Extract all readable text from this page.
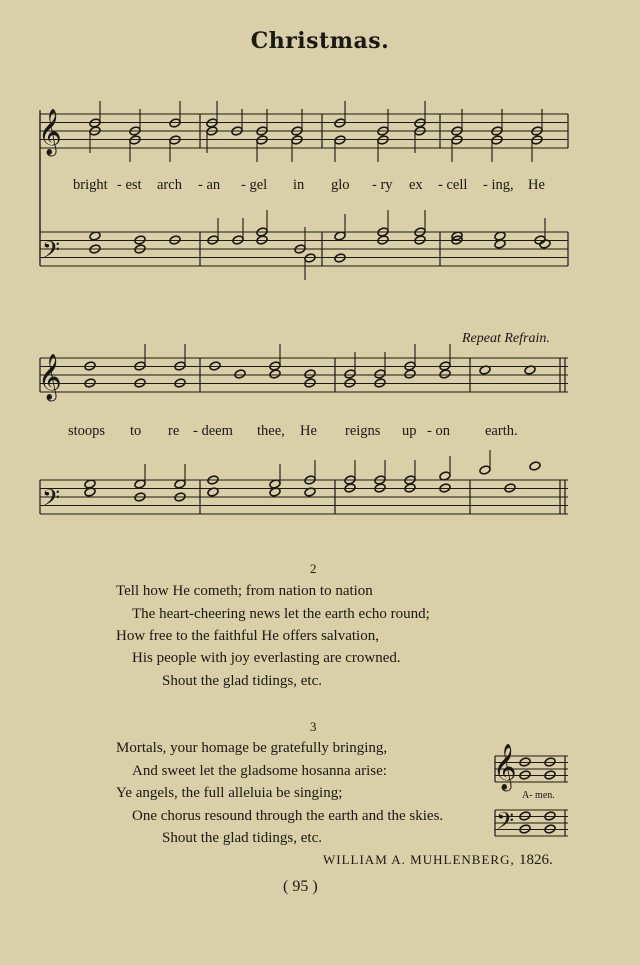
Christmas.
𝄞
𝄢
bright - est arch - an - gel in glo - ry ex - cell - ing, He
Repeat Refrain.
𝄞
𝄢
stoops to re - deem thee, He reigns up - on earth.
2
Tell how He cometh; from nation to nation
The heart-cheering news let the earth echo round;
How free to the faithful He offers salvation,
His people with joy everlasting are crowned.
Shout the glad tidings, etc.
3
Mortals, your homage be gratefully bringing,
And sweet let the gladsome hosanna arise:
Ye angels, the full alleluia be singing;
One chorus resound through the earth and the skies.
Shout the glad tidings, etc.
𝄞
𝄢
A- men.
WILLIAM A. MUHLENBERG, 1826.
( 95 )
